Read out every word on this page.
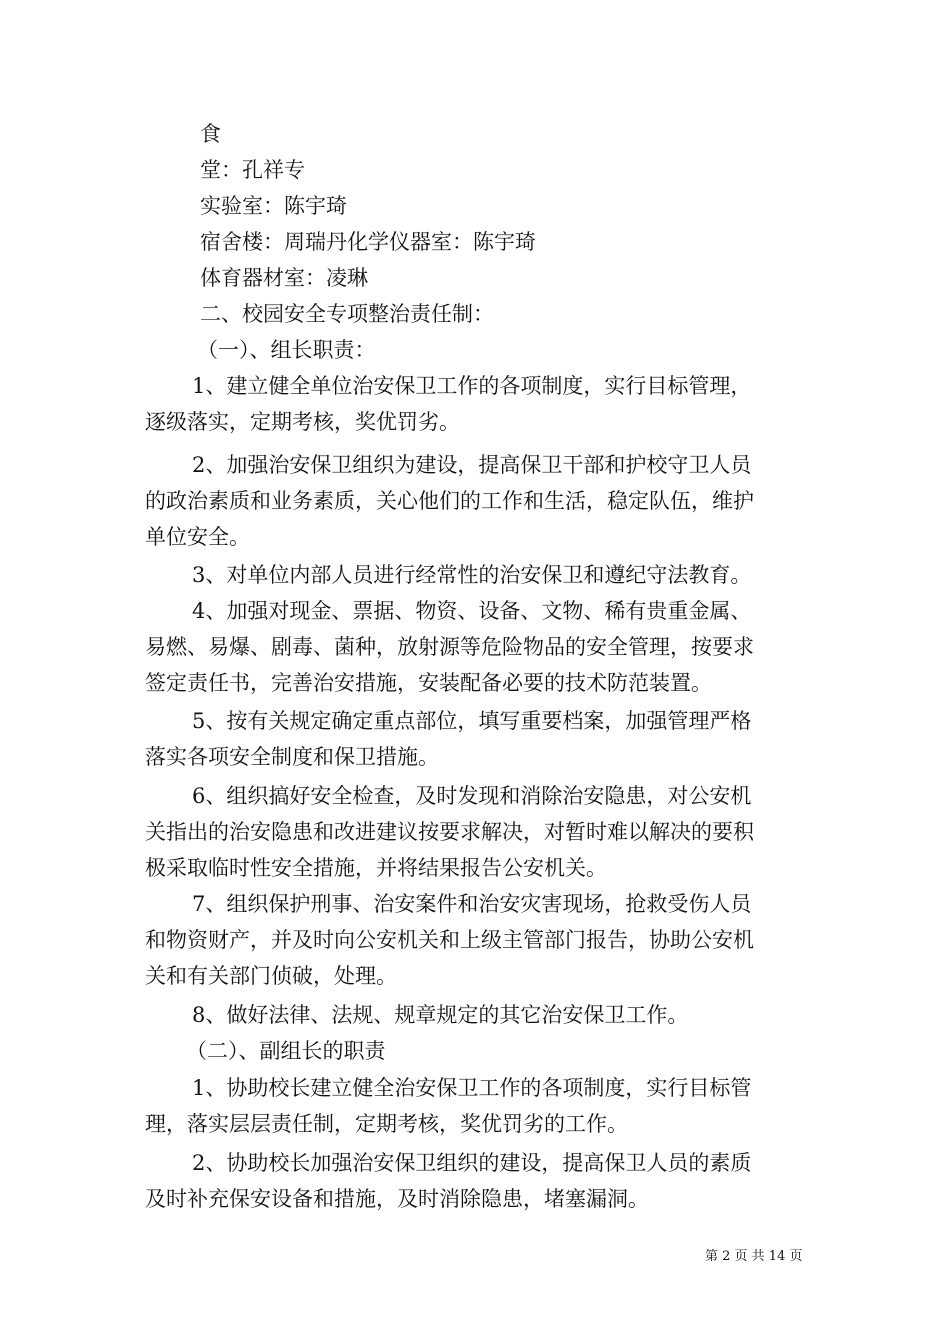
食
堂：孔祥专
实验室：陈宇琦
宿舍楼：周瑞丹化学仪器室：陈宇琦
体育器材室：凌琳
二、校园安全专项整治责任制：
（一）、组长职责：
1、建立健全单位治安保卫工作的各项制度，实行目标管理，
逐级落实，定期考核，奖优罚劣。
2、加强治安保卫组织为建设，提高保卫干部和护校守卫人员
的政治素质和业务素质，关心他们的工作和生活，稳定队伍，维护
单位安全。
3、对单位内部人员进行经常性的治安保卫和遵纪守法教育。
4、加强对现金、票据、物资、设备、文物、稀有贵重金属、
易燃、易爆、剧毒、菌种，放射源等危险物品的安全管理，按要求
签定责任书，完善治安措施，安装配备必要的技术防范装置。
5、按有关规定确定重点部位，填写重要档案，加强管理严格
落实各项安全制度和保卫措施。
6、组织搞好安全检查，及时发现和消除治安隐患，对公安机
关指出的治安隐患和改进建议按要求解决，对暂时难以解决的要积
极采取临时性安全措施，并将结果报告公安机关。
7、组织保护刑事、治安案件和治安灾害现场，抢救受伤人员
和物资财产，并及时向公安机关和上级主管部门报告，协助公安机
关和有关部门侦破，处理。
8、做好法律、法规、规章规定的其它治安保卫工作。
（二）、副组长的职责
1、协助校长建立健全治安保卫工作的各项制度，实行目标管
理，落实层层责任制，定期考核，奖优罚劣的工作。
2、协助校长加强治安保卫组织的建设，提高保卫人员的素质
及时补充保安设备和措施，及时消除隐患，堵塞漏洞。
第 2 页 共 14 页
